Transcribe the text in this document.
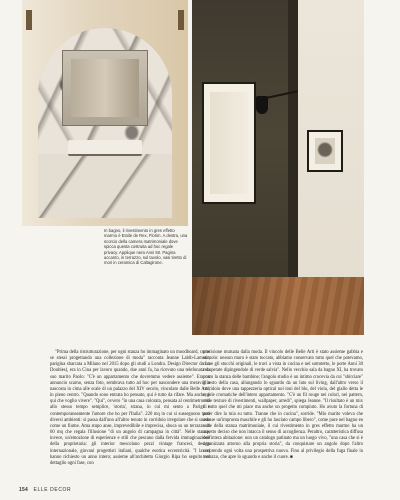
In bagno, il rivestimento in gres effetto marmo è Etoile de Rex, Florim. A destra, una scorcio della camera matrimoniale dove spicca questa costruita ad hoc regale privacy. Applique nera Anni 50. Pagina accanto, in terrazzo, sul tavolo, vasi tiretto di mori in ceramica di Caltagirone.

"Prima della ristrutturazione, per ogni stanza ho immaginato un moodboard, come se stessi progettando una collezione di moda" racconta Jeanne Labib-Lamour, parigina sbarcata a Milano nel 2015 dopo gli studi a Londra. Design Director da La Doubles), era in Cina per lavoro quando, due anni fa, ha ricevuto una telefonata da suo marito Paolo: "C'è un appartamento che dovremmo vedere assieme". Era un annuncio scarno, senza foto, sembrava tutto ad hoc per nascondere una meraviglia nascosta in cima alle scale di un palazzo del XIV secolo, vincolato dalle Belle Arti, in pieno centro. "Quando sono entrata ho pensato, qui è tutto da rifare. Ma anche, è qui che voglio vivere". "Qui", ovvero "in una casa colorata, pensata al centimetro ma allo stesso tempo semplice, 'storta', strana, in cui mi sento a Parigi e contemporaneamente l'amore che ho per l'Italia". 220 mq in cui si susseguono tanti diversi ambienti: si passa dall'uno all'altro tenuto in corridoio irregolare che si snoda come un fiume. Ama stupo anse, imprevedibile e imprecisa, sbuca su un terrazzo di 60 mq che regala l'illusione "di un angolo di campagna in città". Nelle stanze, invece, un'emozione di esperienze e stili che pescano dalla fervida immaginazione della proprietaria: gli interior mescolano pezzi vintage francesi, design internazionale, giovani progettisti italiani, qualche esotica eccentricità. "I lavori hanno richiesto un anno intero; assieme all'architetto Giorgio Ripa ho seguito nel dettaglio ogni fase, con

precisione mutuata dalla moda. Il vincolo delle Belle Arti è stato assieme gabbia e stimolo: nessun muro è stato toccato, abbiamo conservato tutto quel che potevamo, come gli stucchi originali, le travi a vista in cucina e nel sottotetto, le porte Anni 30 recuperate dipingendole di verde salvia". Nello vecchio sala da bagno XI, ha trovato posto la stanza delle bambine; l'angolo studio è un intimo crocevia da cui "sbirciare" il resto della casa, allungando lo sguardo da un lato sul living, dall'altro verso il corridoio dove una tappezzeria optical noi toni del blu, del viola, del giallo detta le regole cromatiche dell'intero appartamento. "C'è un fil rouge nei colori, nei pattern, nelle texture di rivestimenti, wallpaper, arredi", spiega Jeanne. "Il risultato è un mix di tutto quel che mi piace ma anche un progetto compiuto. Ho avuto la fortuna di poter dire la mia su tutto. Tranne che in cucina", sorride. "Mio marito voleva che avesse un'impronta maschile e gli ho lasciato campo libero", come pure nel bagno en suite della stanza matrimoniale, il cui rivestimento in gres effetto marmo ha un aspetto deciso che non intacca il senso di accoglienza. Peraltro, caratteristica diffusa dell'intera abitazione: non un catalogo patinato ma un luogo vivo, "una casa che si è organizzata attorno alla propria storia", da conquistare un angolo dopo l'altro scoprendo ogni volta una prospettiva nuova. Fino al privilegio della fuga finale in terrazzo, che apre lo sguardo e anche il cuore. ■

154 ELLE DECOR
